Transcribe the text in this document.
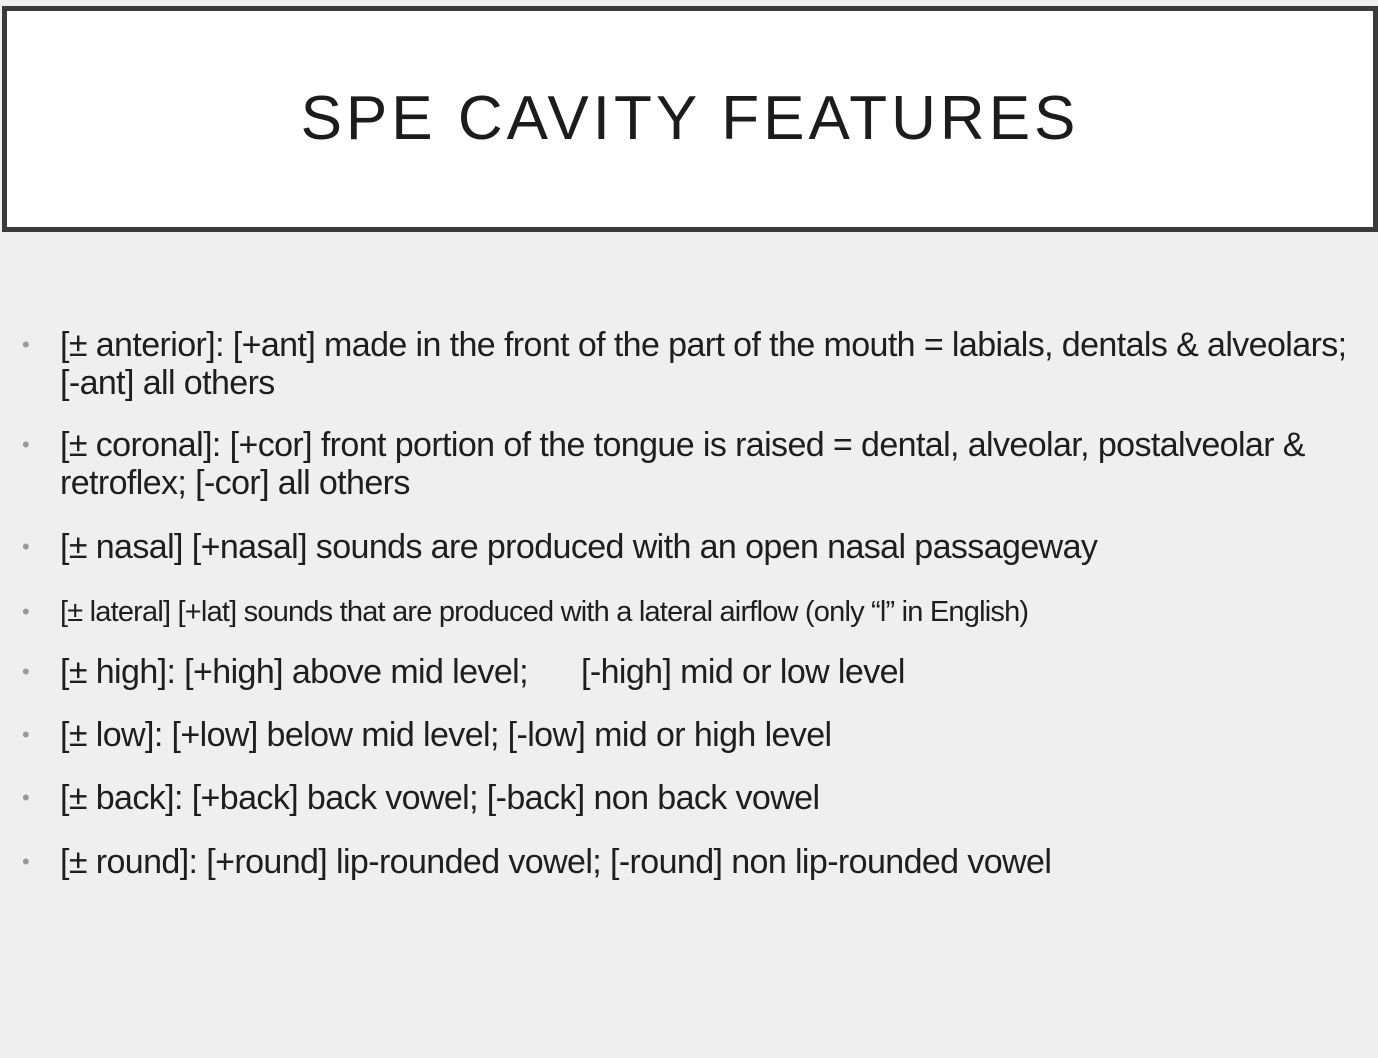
SPE CAVITY FEATURES
• [± anterior]: [+ant] made in the front of the part of the mouth = labials, dentals & alveolars; [-ant] all others
• [± coronal]: [+cor] front portion of the tongue is raised = dental, alveolar, postalveolar & retroflex; [-cor] all others
• [± nasal] [+nasal] sounds are produced with an open nasal passageway
• [± lateral] [+lat] sounds that are produced with a lateral airflow (only “l” in English)
• [± high]: [+high] above mid level;      [-high] mid or low level
• [± low]: [+low] below mid level; [-low] mid or high level
• [± back]: [+back] back vowel; [-back] non back vowel
• [± round]: [+round] lip-rounded vowel; [-round] non lip-rounded vowel
